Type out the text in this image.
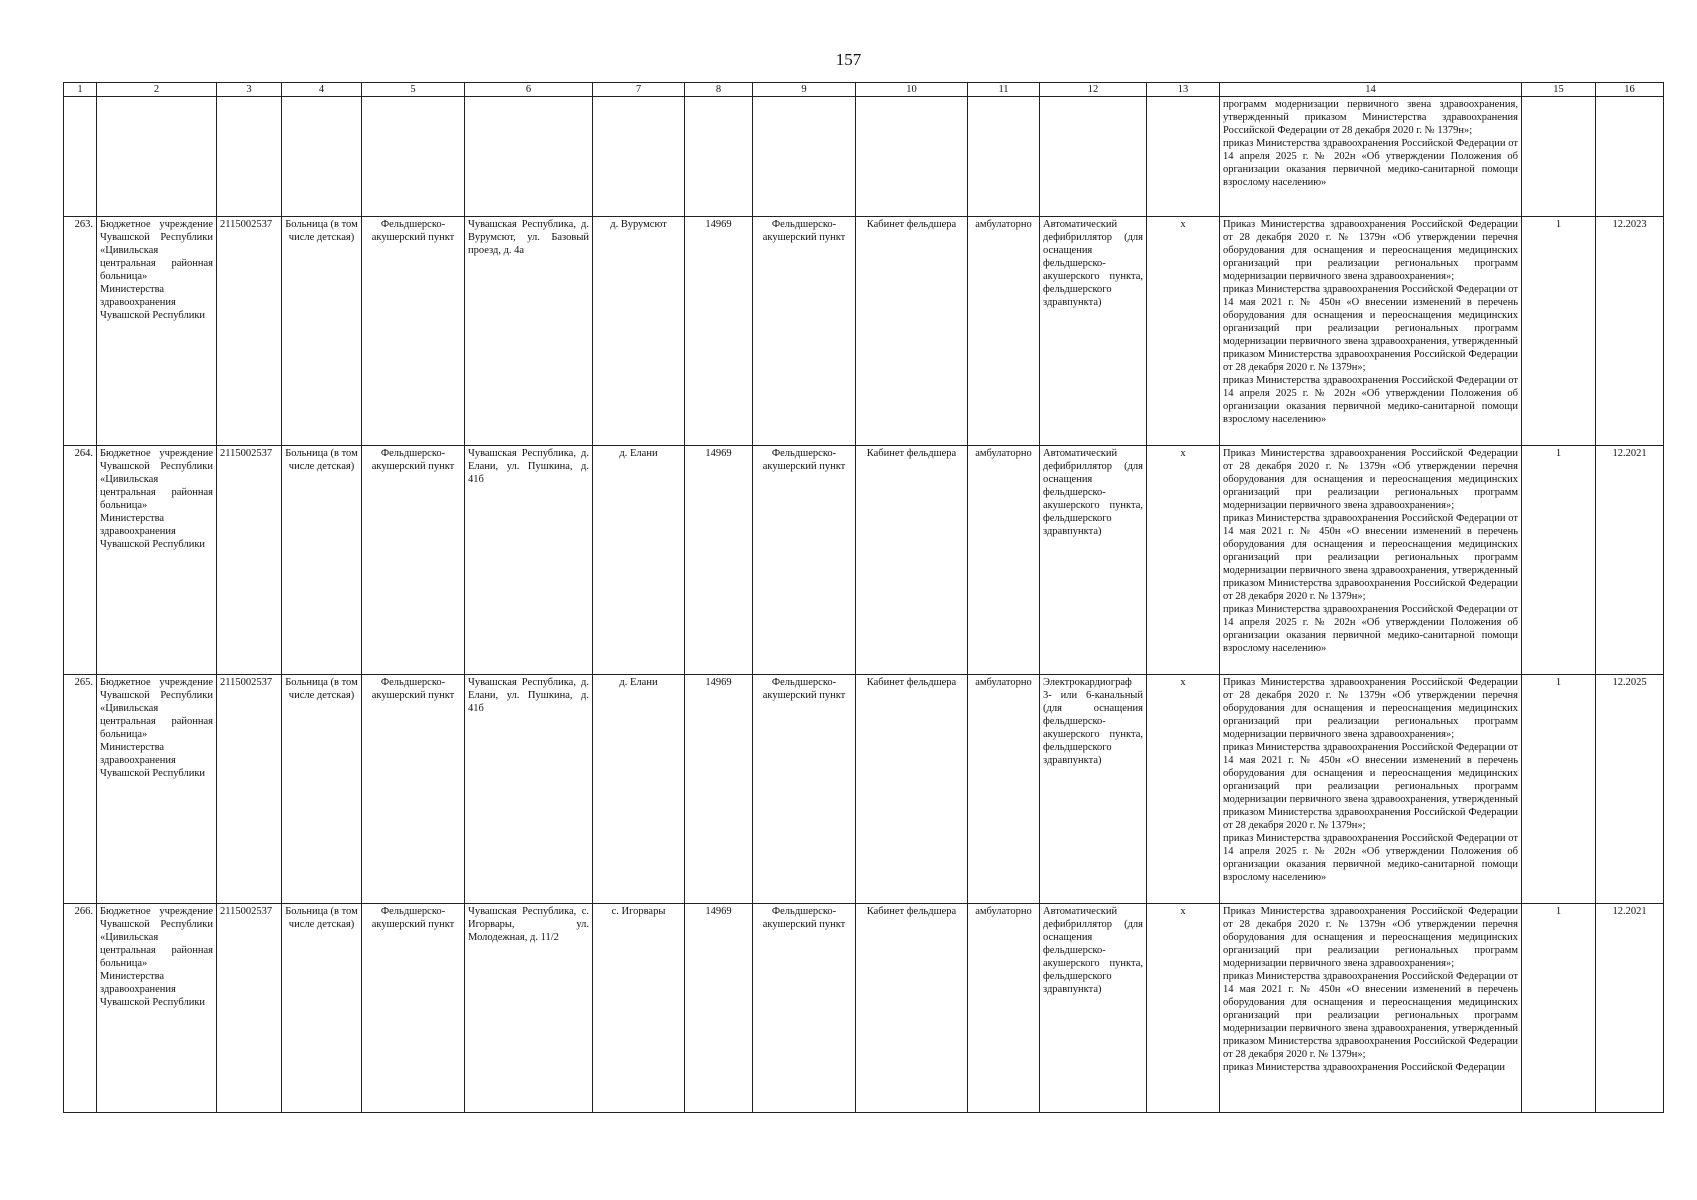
157
1	2	3	4	5	6	7	8	9	10	11	12	13	14	15	16

													программ модернизации первичного звена здравоохранения, утвержденный приказом Министерства здравоохранения Российской Федерации от 28 декабря 2020 г. № 1379н»;
приказ Министерства здравоохранения Российской Федерации от 14 апреля 2025 г. № 202н «Об утверждении Положения об организации оказания первичной медико-санитарной помощи взрослому населению»		

263.	Бюджетное учреждение Чувашской Республики «Цивильская центральная районная больница» Министерства здравоохранения Чувашской Республики	2115002537	Больница (в том числе детская)	Фельдшерско-акушерский пункт	Чувашская Республика, д. Вурумсют, ул. Базовый проезд, д. 4а	д. Вурумсют	14969	Фельдшерско-акушерский пункт	Кабинет фельдшера	амбулаторно	Автоматический дефибриллятор (для оснащения фельдшерско-акушерского пункта, фельдшерского здравпункта)	х	Приказ Министерства здравоохранения Российской Федерации от 28 декабря 2020 г. № 1379н «Об утверждении перечня оборудования для оснащения и переоснащения медицинских организаций при реализации региональных программ модернизации первичного звена здравоохранения»;
приказ Министерства здравоохранения Российской Федерации от 14 мая 2021 г. № 450н «О внесении изменений в перечень оборудования для оснащения и переоснащения медицинских организаций при реализации региональных программ модернизации первичного звена здравоохранения, утвержденный приказом Министерства здравоохранения Российской Федерации от 28 декабря 2020 г. № 1379н»;
приказ Министерства здравоохранения Российской Федерации от 14 апреля 2025 г. № 202н «Об утверждении Положения об организации оказания первичной медико-санитарной помощи взрослому населению»	1	12.2023
264.	Бюджетное учреждение Чувашской Республики «Цивильская центральная районная больница» Министерства здравоохранения Чувашской Республики	2115002537	Больница (в том числе детская)	Фельдшерско-акушерский пункт	Чувашская Республика, д. Елани, ул. Пушкина, д. 41б	д. Елани	14969	Фельдшерско-акушерский пункт	Кабинет фельдшера	амбулаторно	Автоматический дефибриллятор (для оснащения фельдшерско-акушерского пункта, фельдшерского здравпункта)	х	Приказ Министерства здравоохранения Российской Федерации от 28 декабря 2020 г. № 1379н «Об утверждении перечня оборудования для оснащения и переоснащения медицинских организаций при реализации региональных программ модернизации первичного звена здравоохранения»;
приказ Министерства здравоохранения Российской Федерации от 14 мая 2021 г. № 450н «О внесении изменений в перечень оборудования для оснащения и переоснащения медицинских организаций при реализации региональных программ модернизации первичного звена здравоохранения, утвержденный приказом Министерства здравоохранения Российской Федерации от 28 декабря 2020 г. № 1379н»;
приказ Министерства здравоохранения Российской Федерации от 14 апреля 2025 г. № 202н «Об утверждении Положения об организации оказания первичной медико-санитарной помощи взрослому населению»	1	12.2021
265.	Бюджетное учреждение Чувашской Республики «Цивильская центральная районная больница» Министерства здравоохранения Чувашской Республики	2115002537	Больница (в том числе детская)	Фельдшерско-акушерский пункт	Чувашская Республика, д. Елани, ул. Пушкина, д. 41б	д. Елани	14969	Фельдшерско-акушерский пункт	Кабинет фельдшера	амбулаторно	Электрокардиограф 3- или 6-канальный (для оснащения фельдшерско-акушерского пункта, фельдшерского здравпункта)	х	Приказ Министерства здравоохранения Российской Федерации от 28 декабря 2020 г. № 1379н «Об утверждении перечня оборудования для оснащения и переоснащения медицинских организаций при реализации региональных программ модернизации первичного звена здравоохранения»;
приказ Министерства здравоохранения Российской Федерации от 14 мая 2021 г. № 450н «О внесении изменений в перечень оборудования для оснащения и переоснащения медицинских организаций при реализации региональных программ модернизации первичного звена здравоохранения, утвержденный приказом Министерства здравоохранения Российской Федерации от 28 декабря 2020 г. № 1379н»;
приказ Министерства здравоохранения Российской Федерации от 14 апреля 2025 г. № 202н «Об утверждении Положения об организации оказания первичной медико-санитарной помощи взрослому населению»	1	12.2025
266.	Бюджетное учреждение Чувашской Республики «Цивильская центральная районная больница» Министерства здравоохранения Чувашской Республики	2115002537	Больница (в том числе детская)	Фельдшерско-акушерский пункт	Чувашская Республика, с. Игорвары, ул. Молодежная, д. 11/2	с. Игорвары	14969	Фельдшерско-акушерский пункт	Кабинет фельдшера	амбулаторно	Автоматический дефибриллятор (для оснащения фельдшерско-акушерского пункта, фельдшерского здравпункта)	х	Приказ Министерства здравоохранения Российской Федерации от 28 декабря 2020 г. № 1379н «Об утверждении перечня оборудования для оснащения и переоснащения медицинских организаций при реализации региональных программ модернизации первичного звена здравоохранения»;
приказ Министерства здравоохранения Российской Федерации от 14 мая 2021 г. № 450н «О внесении изменений в перечень оборудования для оснащения и переоснащения медицинских организаций при реализации региональных программ модернизации первичного звена здравоохранения, утвержденный приказом Министерства здравоохранения Российской Федерации от 28 декабря 2020 г. № 1379н»;
приказ Министерства здравоохранения Российской Федерации	1	12.2021
